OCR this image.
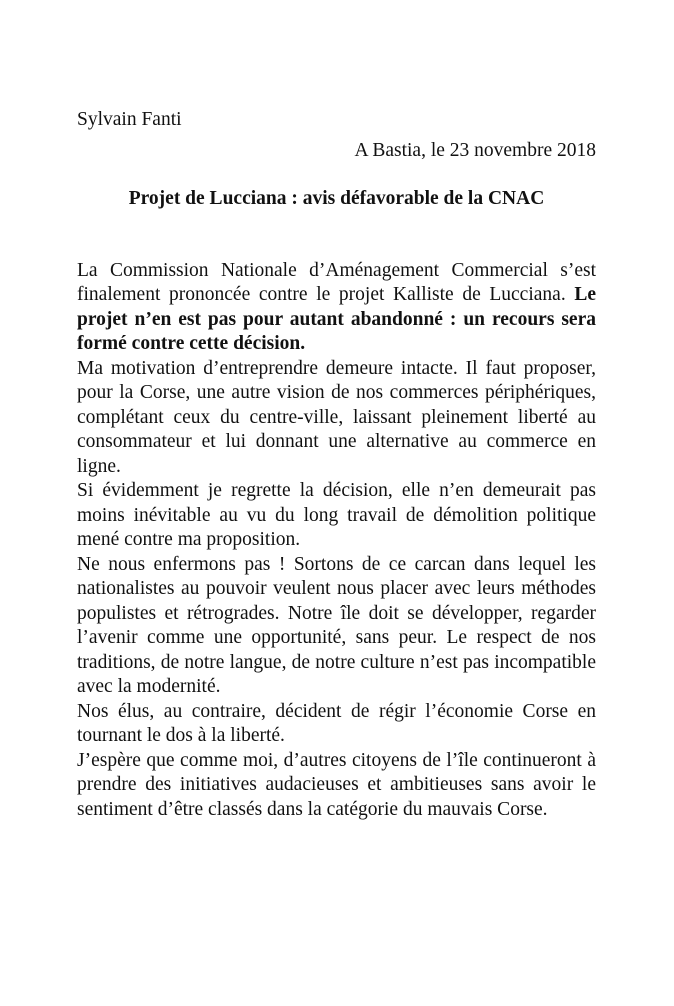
Sylvain Fanti
A Bastia, le 23 novembre 2018
Projet de Lucciana : avis défavorable de la CNAC

La Commission Nationale d’Aménagement Commercial s’est finalement prononcée contre le projet Kalliste de Lucciana. Le projet n’en est pas pour autant abandonné : un recours sera formé contre cette décision.

Ma motivation d’entreprendre demeure intacte. Il faut proposer, pour la Corse, une autre vision de nos commerces périphériques, complétant ceux du centre-ville, laissant pleinement liberté au consommateur et lui donnant une alternative au commerce en ligne.

Si évidemment je regrette la décision, elle n’en demeurait pas moins inévitable au vu du long travail de démolition politique mené contre ma proposition.

Ne nous enfermons pas ! Sortons de ce carcan dans lequel les nationalistes au pouvoir veulent nous placer avec leurs méthodes populistes et rétrogrades. Notre île doit se développer, regarder l’avenir comme une opportunité, sans peur. Le respect de nos traditions, de notre langue, de notre culture n’est pas incompatible avec la modernité.

Nos élus, au contraire, décident de régir l’économie Corse en tournant le dos à la liberté.

J’espère que comme moi, d’autres citoyens de l’île continueront à prendre des initiatives audacieuses et ambitieuses sans avoir le sentiment d’être classés dans la catégorie du mauvais Corse.
